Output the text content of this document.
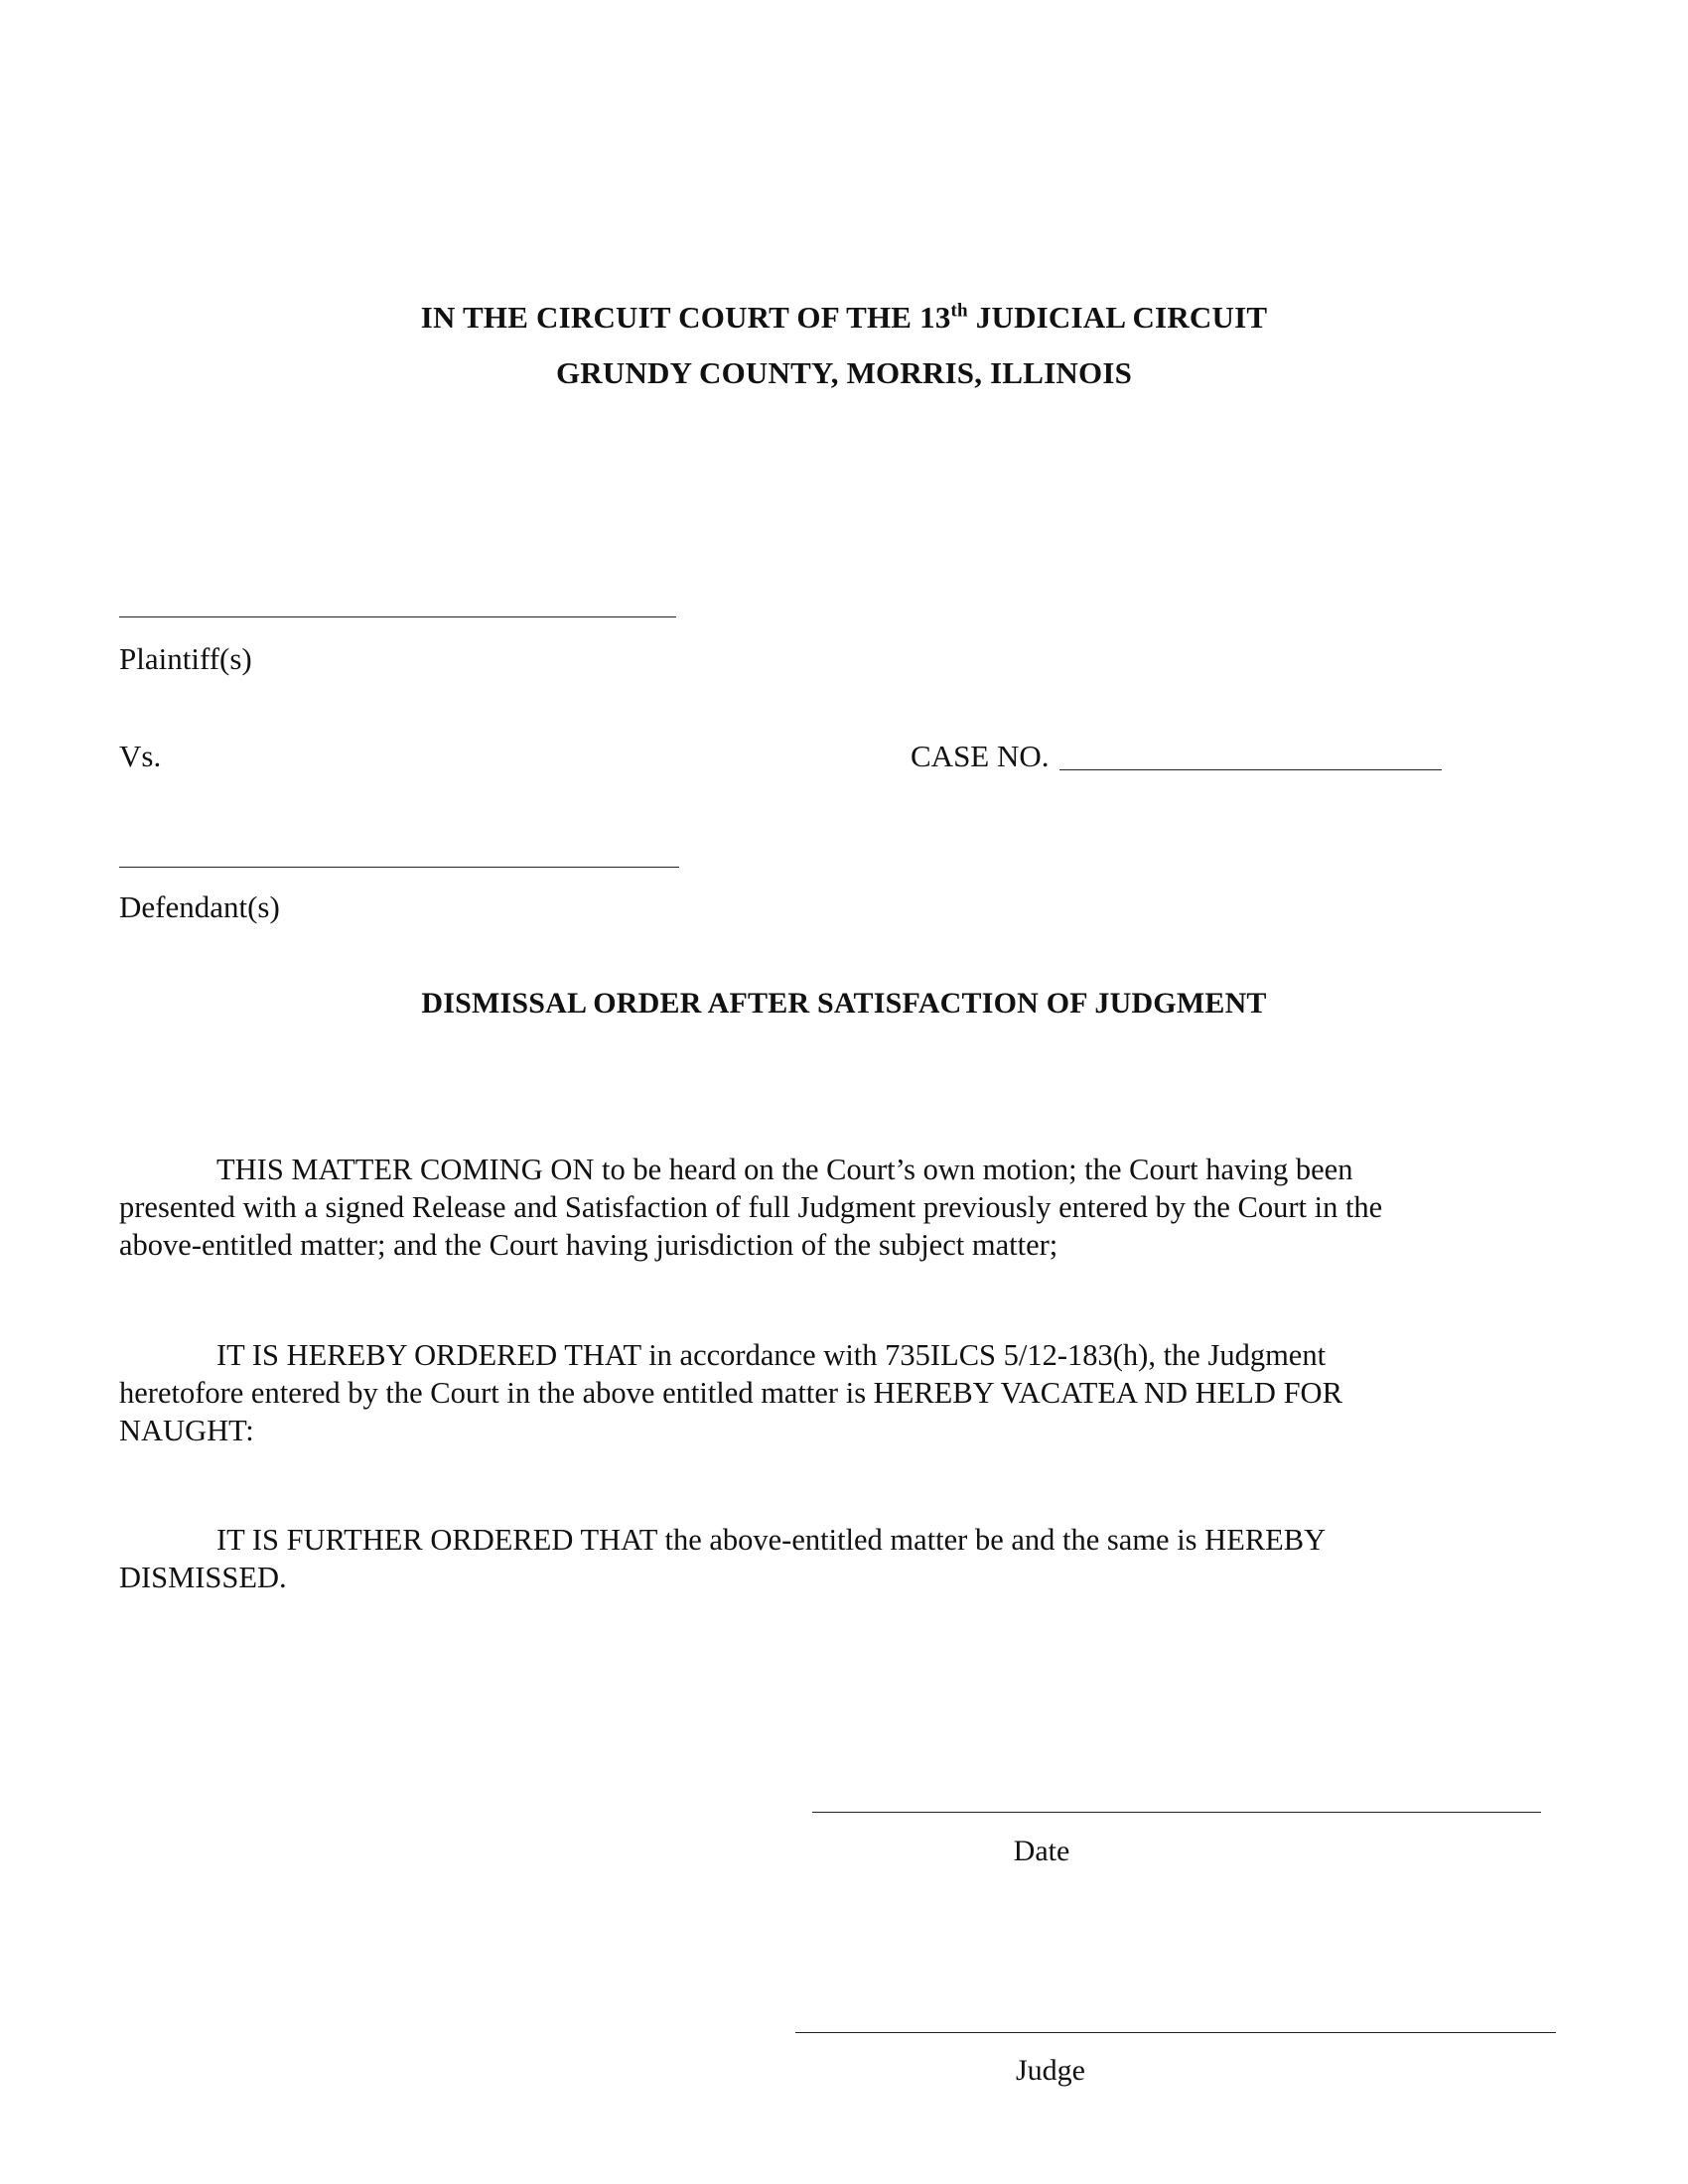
IN THE CIRCUIT COURT OF THE 13th JUDICIAL CIRCUIT
GRUNDY COUNTY, MORRIS, ILLINOIS
Plaintiff(s)
Vs.	CASE NO.
Defendant(s)
DISMISSAL ORDER AFTER SATISFACTION OF JUDGMENT
THIS MATTER COMING ON to be heard on the Court’s own motion; the Court having been
presented with a signed Release and Satisfaction of full Judgment previously entered by the Court in the
above-entitled matter; and the Court having jurisdiction of the subject matter;
IT IS HEREBY ORDERED THAT in accordance with 735ILCS 5/12-183(h), the Judgment
heretofore entered by the Court in the above entitled matter is HEREBY VACATEA ND HELD FOR
NAUGHT:
IT IS FURTHER ORDERED THAT the above-entitled matter be and the same is HEREBY
DISMISSED.
Date
Judge
